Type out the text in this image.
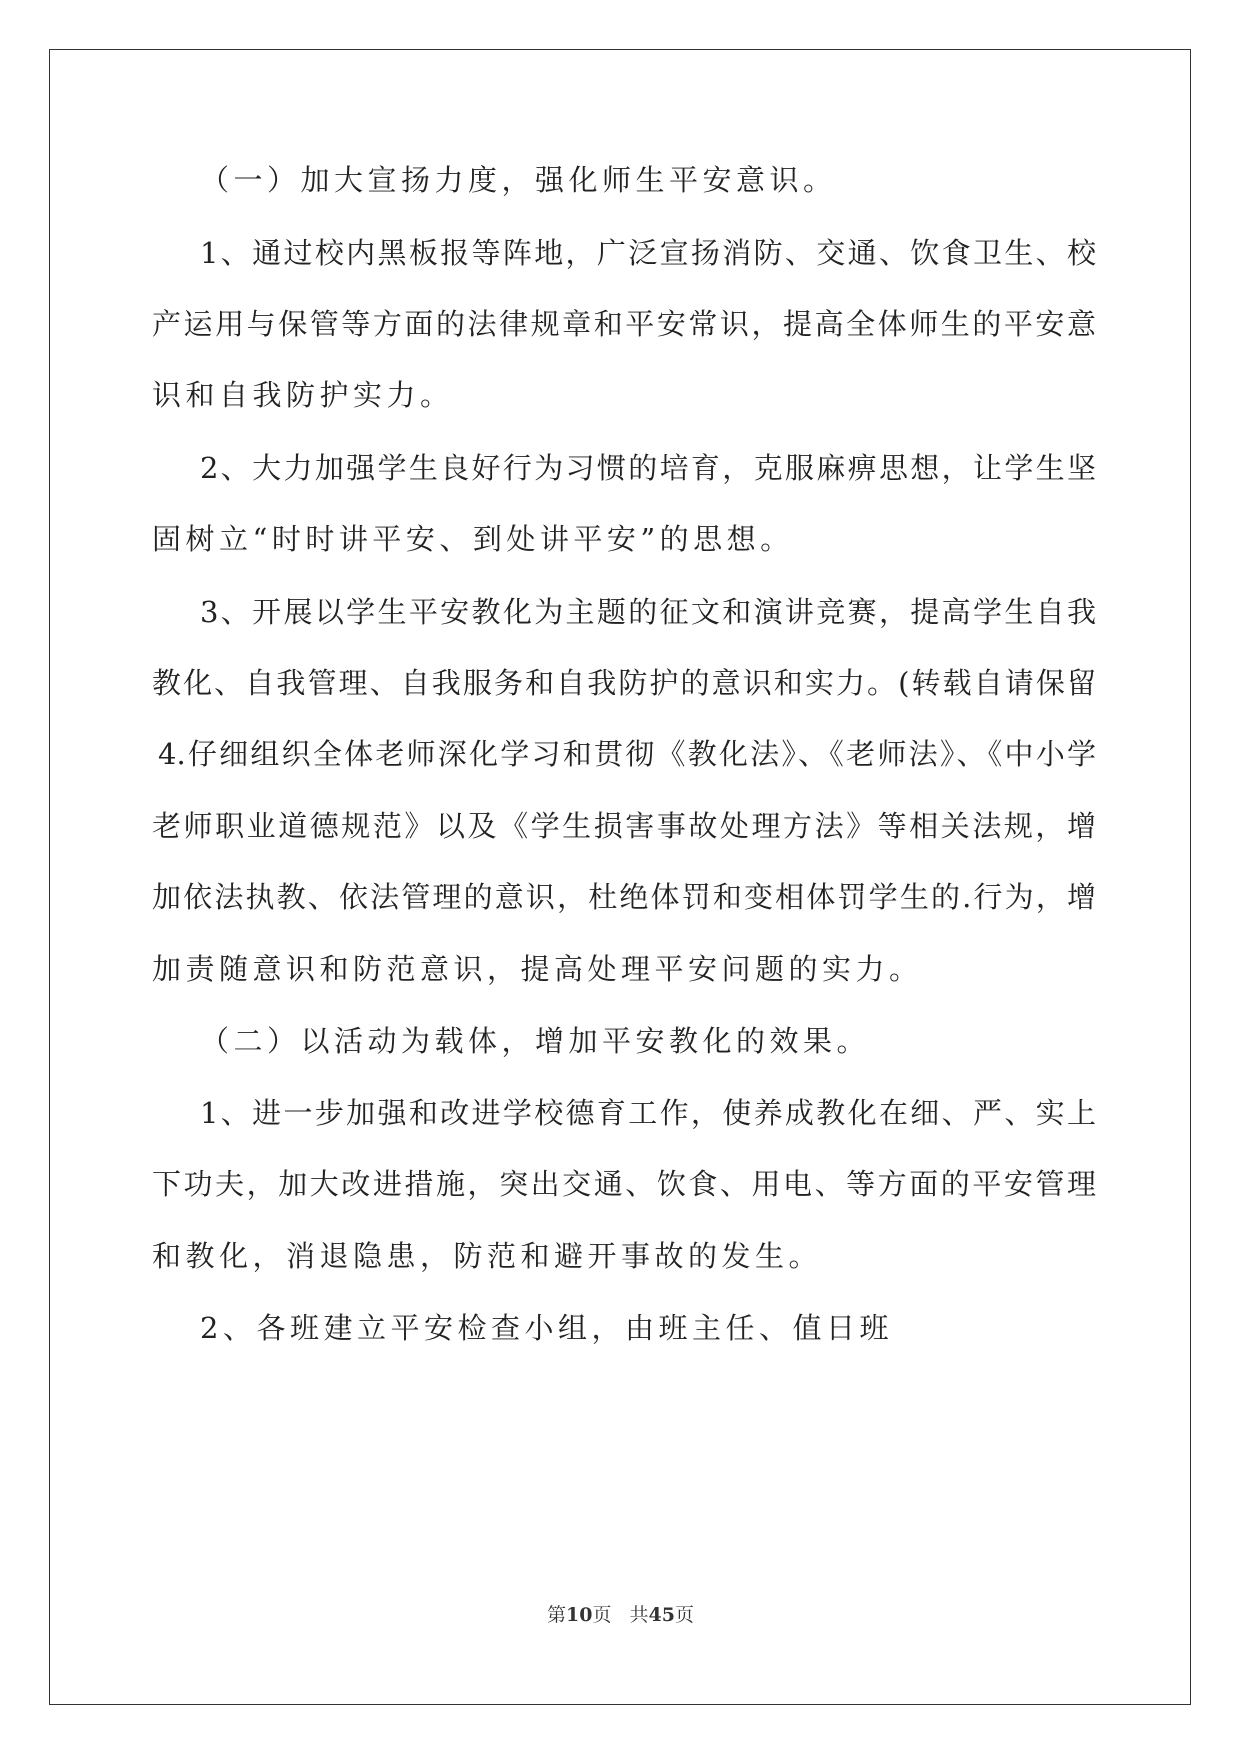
（一）加大宣扬力度，强化师生平安意识。
1、通过校内黑板报等阵地，广泛宣扬消防、交通、饮食卫生、校
产运用与保管等方面的法律规章和平安常识，提高全体师生的平安意
识和自我防护实力。
2、大力加强学生良好行为习惯的培育，克服麻痹思想，让学生坚
固树立“时时讲平安、到处讲平安”的思想。
3、开展以学生平安教化为主题的征文和演讲竞赛，提高学生自我
教化、自我管理、自我服务和自我防护的意识和实力。(转载自请保留
4.仔细组织全体老师深化学习和贯彻《教化法》、《老师法》、《中小学
老师职业道德规范》以及《学生损害事故处理方法》等相关法规，增
加依法执教、依法管理的意识，杜绝体罚和变相体罚学生的.行为，增
加责随意识和防范意识，提高处理平安问题的实力。
（二）以活动为载体，增加平安教化的效果。
1、进一步加强和改进学校德育工作，使养成教化在细、严、实上
下功夫，加大改进措施，突出交通、饮食、用电、等方面的平安管理
和教化，消退隐患，防范和避开事故的发生。
2、各班建立平安检查小组，由班主任、值日班
第10页 共45页
